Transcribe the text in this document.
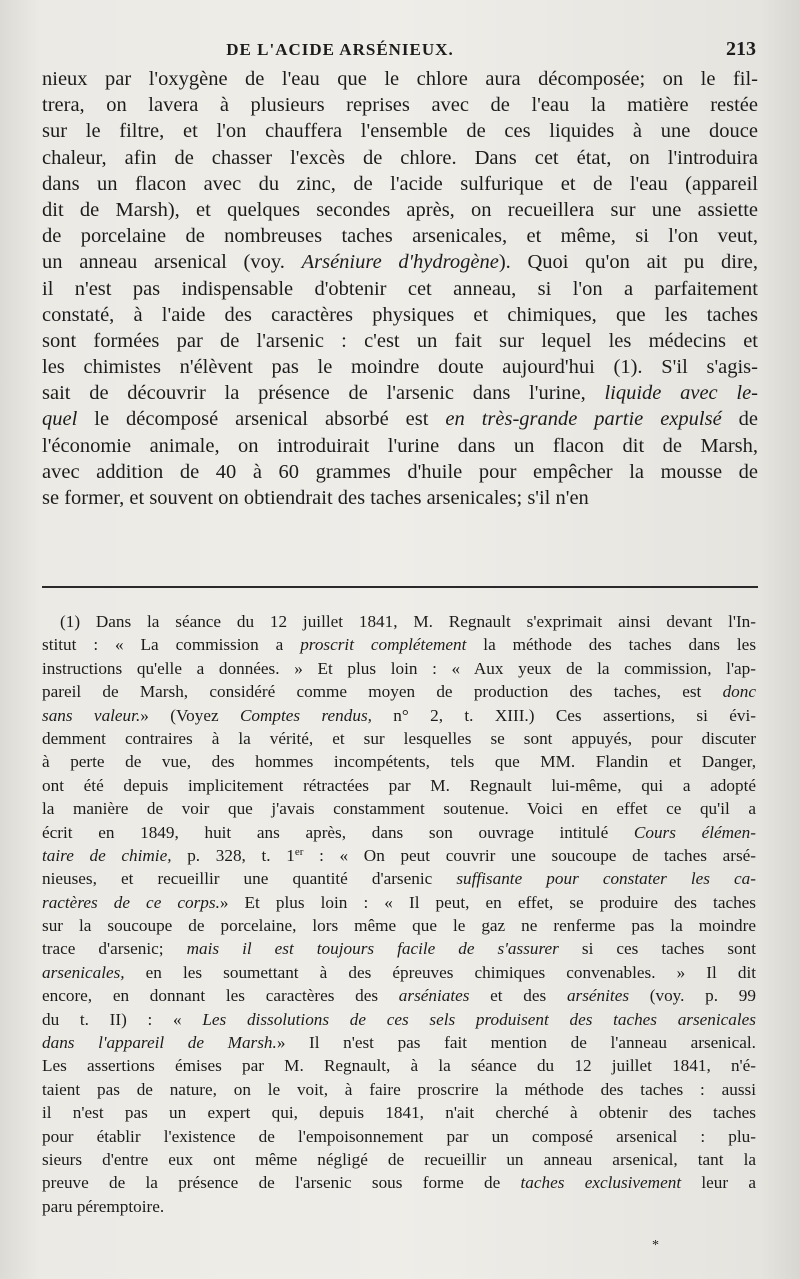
DE L'ACIDE ARSÉNIEUX.	213
nieux par l'oxygène de l'eau que le chlore aura décomposée; on le fil-
trera, on lavera à plusieurs reprises avec de l'eau la matière restée
sur le filtre, et l'on chauffera l'ensemble de ces liquides à une douce
chaleur, afin de chasser l'excès de chlore. Dans cet état, on l'introduira
dans un flacon avec du zinc, de l'acide sulfurique et de l'eau (appareil
dit de Marsh), et quelques secondes après, on recueillera sur une assiette
de porcelaine de nombreuses taches arsenicales, et même, si l'on veut,
un anneau arsenical (voy. Arséniure d'hydrogène). Quoi qu'on ait pu dire,
il n'est pas indispensable d'obtenir cet anneau, si l'on a parfaitement
constaté, à l'aide des caractères physiques et chimiques, que les taches
sont formées par de l'arsenic : c'est un fait sur lequel les médecins et
les chimistes n'élèvent pas le moindre doute aujourd'hui (1). S'il s'agis-
sait de découvrir la présence de l'arsenic dans l'urine, liquide avec le-
quel le décomposé arsenical absorbé est en très-grande partie expulsé de
l'économie animale, on introduirait l'urine dans un flacon dit de Marsh,
avec addition de 40 à 60 grammes d'huile pour empêcher la mousse de
se former, et souvent on obtiendrait des taches arsenicales; s'il n'en
(1) Dans la séance du 12 juillet 1841, M. Regnault s'exprimait ainsi devant l'In-
stitut : « La commission a proscrit complétement la méthode des taches dans les
instructions qu'elle a données. » Et plus loin : « Aux yeux de la commission, l'ap-
pareil de Marsh, considéré comme moyen de production des taches, est donc
sans valeur.» (Voyez Comptes rendus, n° 2, t. XIII.) Ces assertions, si évi-
demment contraires à la vérité, et sur lesquelles se sont appuyés, pour discuter
à perte de vue, des hommes incompétents, tels que MM. Flandin et Danger,
ont été depuis implicitement rétractées par M. Regnault lui-même, qui a adopté
la manière de voir que j'avais constamment soutenue. Voici en effet ce qu'il a
écrit en 1849, huit ans après, dans son ouvrage intitulé Cours élémen-
taire de chimie, p. 328, t. 1er : « On peut couvrir une soucoupe de taches arsé-
nieuses, et recueillir une quantité d'arsenic suffisante pour constater les ca-
ractères de ce corps.» Et plus loin : « Il peut, en effet, se produire des taches
sur la soucoupe de porcelaine, lors même que le gaz ne renferme pas la moindre
trace d'arsenic; mais il est toujours facile de s'assurer si ces taches sont
arsenicales, en les soumettant à des épreuves chimiques convenables. » Il dit
encore, en donnant les caractères des arséniates et des arsénites (voy. p. 99
du t. II) : « Les dissolutions de ces sels produisent des taches arsenicales
dans l'appareil de Marsh.» Il n'est pas fait mention de l'anneau arsenical.
Les assertions émises par M. Regnault, à la séance du 12 juillet 1841, n'é-
taient pas de nature, on le voit, à faire proscrire la méthode des taches : aussi
il n'est pas un expert qui, depuis 1841, n'ait cherché à obtenir des taches
pour établir l'existence de l'empoisonnement par un composé arsenical : plu-
sieurs d'entre eux ont même négligé de recueillir un anneau arsenical, tant la
preuve de la présence de l'arsenic sous forme de taches exclusivement leur a
paru péremptoire.
*
